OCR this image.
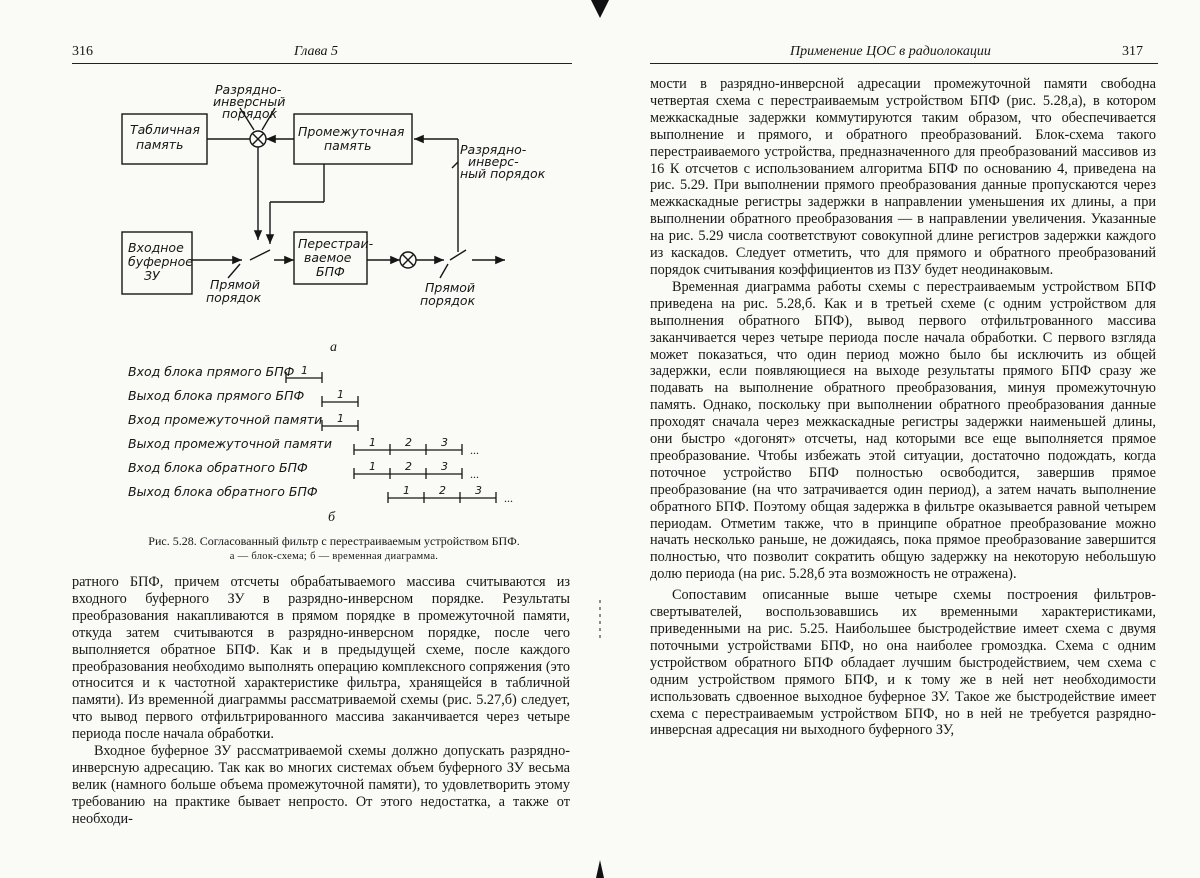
316	Глава 5
Табличная
память
Разрядно-
инверсный
порядок
Промежуточная
память	Разрядно-
инверс-
ный порядок
Входное
буферное
ЗУ
Перестраи-
ваемое
БПФ
Прямой
порядок
Прямой
порядок
а
Вход блока прямого БПФ 1
Выход блока прямого БПФ	1
Вход промежуточной памяти 1
Выход промежуточной памяти	1	2	3
...
Вход блока обратного БПФ	1	2	3
...
Выход блока обратного БПФ	1	2	3
...
б
Рис. 5.28. Согласованный фильтр с перестраиваемым устройством БПФ.
а — блок-схема; б — временная диаграмма.

ратного БПФ, причем отсчеты обрабатываемого массива считываются из входного буферного ЗУ в разрядно-инверсном порядке. Результаты преобразования накапливаются в прямом порядке в промежуточной памяти, откуда затем считываются в разрядно-инверсном порядке, после чего выполняется обратное БПФ. Как и в предыдущей схеме, после каждого преобразования необходимо выполнять операцию комплексного сопряжения (это относится и к частотной характеристике фильтра, хранящейся в табличной памяти). Из временно́й диаграммы рассматриваемой схемы (рис. 5.27,б) следует, что вывод первого отфильтрированного массива заканчивается через четыре периода после начала обработки.

Входное буферное ЗУ рассматриваемой схемы должно допускать разрядно-инверсную адресацию. Так как во многих системах объем буферного ЗУ весьма велик (намного больше объема промежуточной памяти), то удовлетворить этому требованию на практике бывает непросто. От этого недостатка, а также от необходи-

Применение ЦОС в радиолокации	317

мости в разрядно-инверсной адресации промежуточной памяти свободна четвертая схема с перестраиваемым устройством БПФ (рис. 5.28,а), в котором межкаскадные задержки коммутируются таким образом, что обеспечивается выполнение и прямого, и обратного преобразований. Блок-схема такого перестраиваемого устройства, предназначенного для преобразований массивов из 16 К отсчетов с использованием алгоритма БПФ по основанию 4, приведена на рис. 5.29. При выполнении прямого преобразования данные пропускаются через межкаскадные регистры задержки в направлении уменьшения их длины, а при выполнении обратного преобразования — в направлении увеличения. Указанные на рис. 5.29 числа соответствуют совокупной длине регистров задержки каждого из каскадов. Следует отметить, что для прямого и обратного преобразований порядок считывания коэффициентов из ПЗУ будет неодинаковым.

Временная диаграмма работы схемы с перестраиваемым устройством БПФ приведена на рис. 5.28,б. Как и в третьей схеме (с одним устройством для выполнения обратного БПФ), вывод первого отфильтрованного массива заканчивается через четыре периода после начала обработки. С первого взгляда может показаться, что один период можно было бы исключить из общей задержки, если появляющиеся на выходе результаты прямого БПФ сразу же подавать на выполнение обратного преобразования, минуя промежуточную память. Однако, поскольку при выполнении обратного преобразования данные проходят сначала через межкаскадные регистры задержки наименьшей длины, они быстро «догонят» отсчеты, над которыми все еще выполняется прямое преобразование. Чтобы избежать этой ситуации, достаточно подождать, когда поточное устройство БПФ полностью освободится, завершив прямое преобразование (на что затрачивается один период), а затем начать выполнение обратного БПФ. Поэтому общая задержка в фильтре оказывается равной четырем периодам. Отметим также, что в принципе обратное преобразование можно начать несколько раньше, не дожидаясь, пока прямое преобразование завершится полностью, что позволит сократить общую задержку на некоторую небольшую долю периода (на рис. 5.28,б эта возможность не отражена).

Сопоставим описанные выше четыре схемы построения фильтров-свертывателей, воспользовавшись их временными характеристиками, приведенными на рис. 5.25. Наибольшее быстродействие имеет схема с двумя поточными устройствами БПФ, но она наиболее громоздка. Схема с одним устройством обратного БПФ обладает лучшим быстродействием, чем схема с одним устройством прямого БПФ, и к тому же в ней нет необходимости использовать сдвоенное выходное буферное ЗУ. Такое же быстродействие имеет схема с перестраиваемым устройством БПФ, но в ней не требуется разрядно-инверсная адресация ни выходного буферного ЗУ,
